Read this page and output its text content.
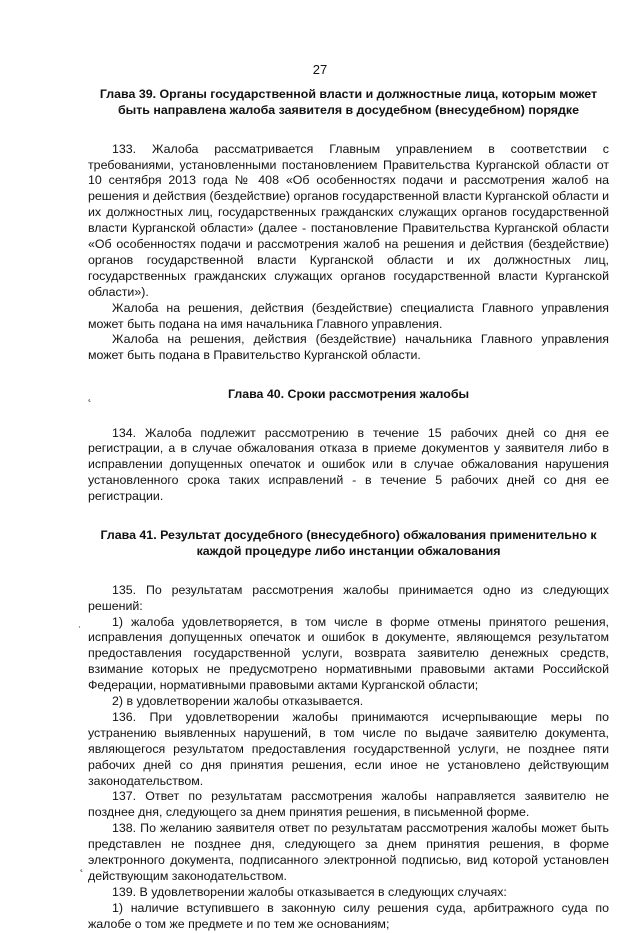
27
Глава 39. Органы государственной власти и должностные лица, которым может быть направлена жалоба заявителя в досудебном (внесудебном) порядке

133. Жалоба рассматривается Главным управлением в соответствии с требованиями, установленными постановлением Правительства Курганской области от 10 сентября 2013 года № 408 «Об особенностях подачи и рассмотрения жалоб на решения и действия (бездействие) органов государственной власти Курганской области и их должностных лиц, государственных гражданских служащих органов государственной власти Курганской области» (далее - постановление Правительства Курганской области «Об особенностях подачи и рассмотрения жалоб на решения и действия (бездействие) органов государственной власти Курганской области и их должностных лиц, государственных гражданских служащих органов государственной власти Курганской области»).

Жалоба на решения, действия (бездействие) специалиста Главного управления может быть подана на имя начальника Главного управления.

Жалоба на решения, действия (бездействие) начальника Главного управления может быть подана в Правительство Курганской области.

Глава 40. Сроки рассмотрения жалобы

134. Жалоба подлежит рассмотрению в течение 15 рабочих дней со дня ее регистрации, а в случае обжалования отказа в приеме документов у заявителя либо в исправлении допущенных опечаток и ошибок или в случае обжалования нарушения установленного срока таких исправлений - в течение 5 рабочих дней со дня ее регистрации.

Глава 41. Результат досудебного (внесудебного) обжалования применительно к каждой процедуре либо инстанции обжалования

135. По результатам рассмотрения жалобы принимается одно из следующих решений:

1) жалоба удовлетворяется, в том числе в форме отмены принятого решения, исправления допущенных опечаток и ошибок в документе, являющемся результатом предоставления государственной услуги, возврата заявителю денежных средств, взимание которых не предусмотрено нормативными правовыми актами Российской Федерации, нормативными правовыми актами Курганской области;

2) в удовлетворении жалобы отказывается.

136. При удовлетворении жалобы принимаются исчерпывающие меры по устранению выявленных нарушений, в том числе по выдаче заявителю документа, являющегося результатом предоставления государственной услуги, не позднее пяти рабочих дней со дня принятия решения, если иное не установлено действующим законодательством.

137. Ответ по результатам рассмотрения жалобы направляется заявителю не позднее дня, следующего за днем принятия решения, в письменной форме.

138. По желанию заявителя ответ по результатам рассмотрения жалобы может быть представлен не позднее дня, следующего за днем принятия решения, в форме электронного документа, подписанного электронной подписью, вид которой установлен действующим законодательством.

139. В удовлетворении жалобы отказывается в следующих случаях:

1) наличие вступившего в законную силу решения суда, арбитражного суда по жалобе о том же предмете и по тем же основаниям;

˛
˙
˛
